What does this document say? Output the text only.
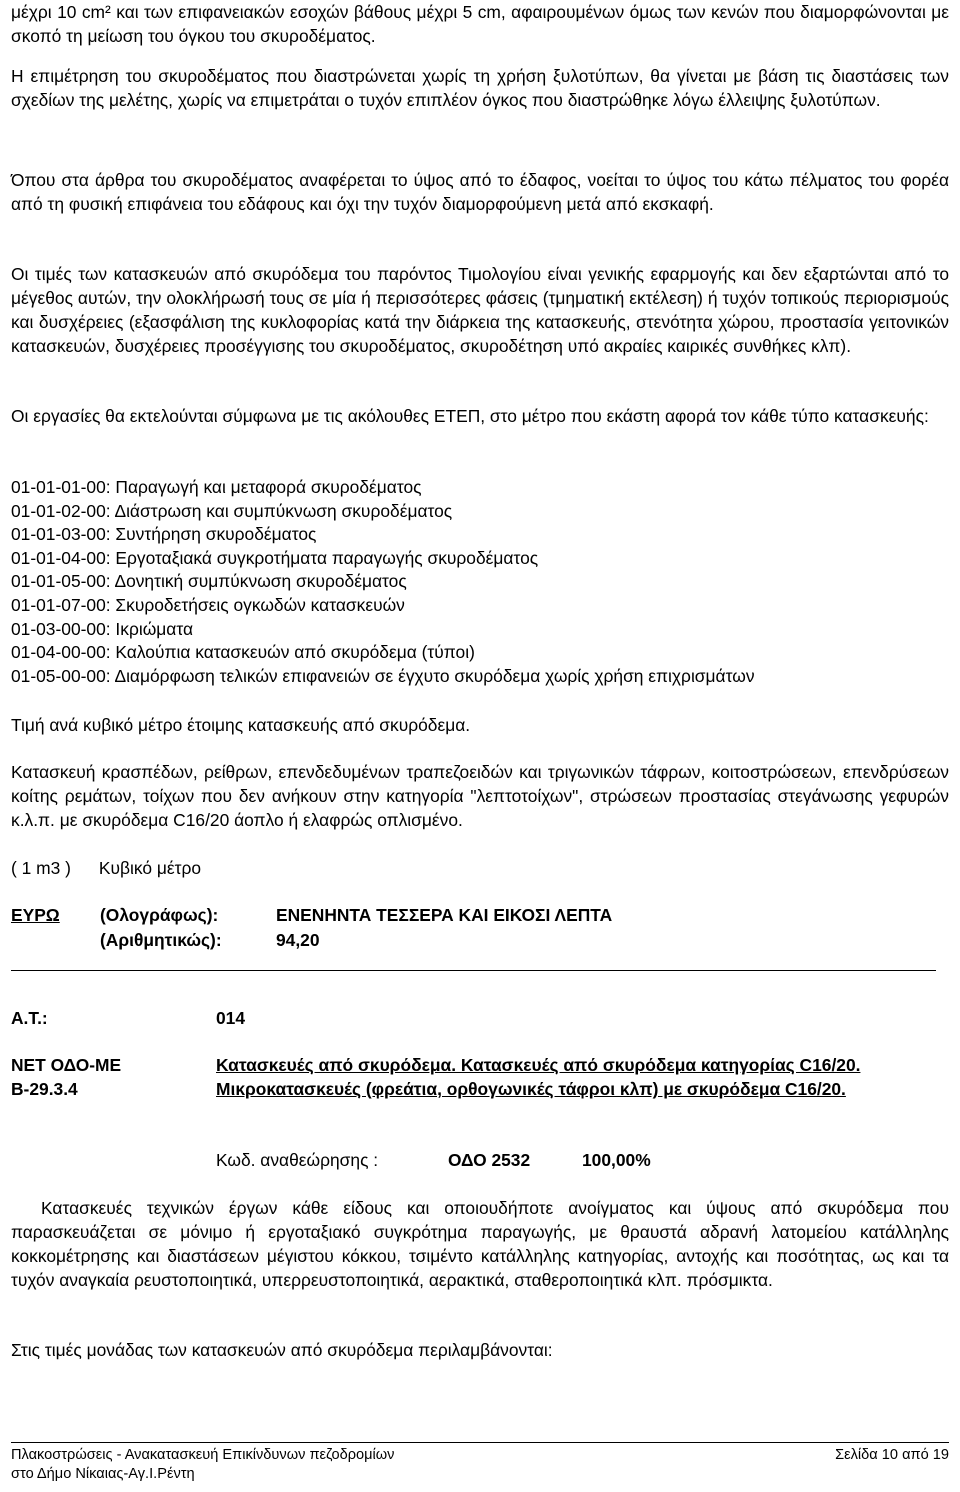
μέχρι 10 cm² και των επιφανειακών εσοχών βάθους μέχρι 5 cm, αφαιρουμένων όμως των κενών που διαμορφώνονται με σκοπό τη μείωση του όγκου του σκυροδέματος.

Η επιμέτρηση του σκυροδέματος που διαστρώνεται χωρίς τη χρήση ξυλοτύπων, θα γίνεται με βάση τις διαστάσεις των σχεδίων της μελέτης, χωρίς να επιμετράται ο τυχόν επιπλέον όγκος που διαστρώθηκε λόγω έλλειψης ξυλοτύπων.

Όπου στα άρθρα του σκυροδέματος αναφέρεται το ύψος από το έδαφος, νοείται το ύψος του κάτω πέλματος του φορέα από τη φυσική επιφάνεια του εδάφους και όχι την τυχόν διαμορφούμενη μετά από εκσκαφή.

Οι τιμές των κατασκευών από σκυρόδεμα του παρόντος Τιμολογίου είναι γενικής εφαρμογής και δεν εξαρτώνται από το μέγεθος αυτών, την ολοκλήρωσή τους σε μία ή περισσότερες φάσεις (τμηματική εκτέλεση) ή τυχόν τοπικούς περιορισμούς και δυσχέρειες (εξασφάλιση της κυκλοφορίας κατά την διάρκεια της κατασκευής, στενότητα χώρου, προστασία γειτονικών κατασκευών, δυσχέρειες προσέγγισης του σκυροδέματος, σκυροδέτηση υπό ακραίες καιρικές συνθήκες κλπ).

Οι εργασίες θα εκτελούνται σύμφωνα με τις ακόλουθες ΕΤΕΠ, στο μέτρο που εκάστη αφορά τον κάθε τύπο κατασκευής:

01-01-01-00: Παραγωγή και μεταφορά σκυροδέματος
01-01-02-00: Διάστρωση και συμπύκνωση σκυροδέματος
01-01-03-00: Συντήρηση σκυροδέματος
01-01-04-00: Εργοταξιακά συγκροτήματα παραγωγής σκυροδέματος
01-01-05-00: Δονητική συμπύκνωση σκυροδέματος
01-01-07-00: Σκυροδετήσεις ογκωδών κατασκευών
01-03-00-00: Ικριώματα
01-04-00-00: Καλούπια κατασκευών από σκυρόδεμα (τύποι)
01-05-00-00: Διαμόρφωση τελικών επιφανειών σε έγχυτο σκυρόδεμα χωρίς χρήση επιχρισμάτων

Τιμή ανά κυβικό μέτρο έτοιμης κατασκευής από σκυρόδεμα.

Κατασκευή κρασπέδων, ρείθρων, επενδεδυμένων τραπεζοειδών και τριγωνικών τάφρων, κοιτοστρώσεων, επενδρύσεων κοίτης ρεμάτων, τοίχων που δεν ανήκουν στην κατηγορία "λεπτοτοίχων", στρώσεων προστασίας στεγάνωσης γεφυρών κ.λ.π. με σκυρόδεμα C16/20 άοπλο ή ελαφρώς οπλισμένο.

( 1 m3 ) Κυβικό μέτρο
ΕΥΡΩ (Ολογράφως):	ΕΝΕΝΗΝΤΑ ΤΕΣΣΕΡΑ ΚΑΙ ΕΙΚΟΣΙ ΛΕΠΤΑ
(Αριθμητικώς):	94,20
Α.Τ.:	014
ΝΕΤ ΟΔΟ-ΜΕ Β-29.3.4
Κατασκευές από σκυρόδεμα. Κατασκευές από σκυρόδεμα κατηγορίας C16/20. Μικροκατασκευές (φρεάτια, ορθογωνικές τάφροι κλπ) με σκυρόδεμα C16/20.
Κωδ. αναθεώρησης :	ΟΔΟ 2532	100,00%

Κατασκευές τεχνικών έργων κάθε είδους και οποιουδήποτε ανοίγματος και ύψους από σκυρόδεμα που παρασκευάζεται σε μόνιμο ή εργοταξιακό συγκρότημα παραγωγής, με θραυστά αδρανή λατομείου κατάλληλης κοκκομέτρησης και διαστάσεων μέγιστου κόκκου, τσιμέντο κατάλληλης κατηγορίας, αντοχής και ποσότητας, ως και τα τυχόν αναγκαία ρευστοποιητικά, υπερρευστοποιητικά, αερακτικά, σταθεροποιητικά κλπ. πρόσμικτα.

Στις τιμές μονάδας των κατασκευών από σκυρόδεμα περιλαμβάνονται:

Πλακοστρώσεις - Ανακατασκευή Επικίνδυνων πεζοδρομίων
στο Δήμο Νίκαιας-Αγ.Ι.Ρέντη
Σελίδα 10 από 19
